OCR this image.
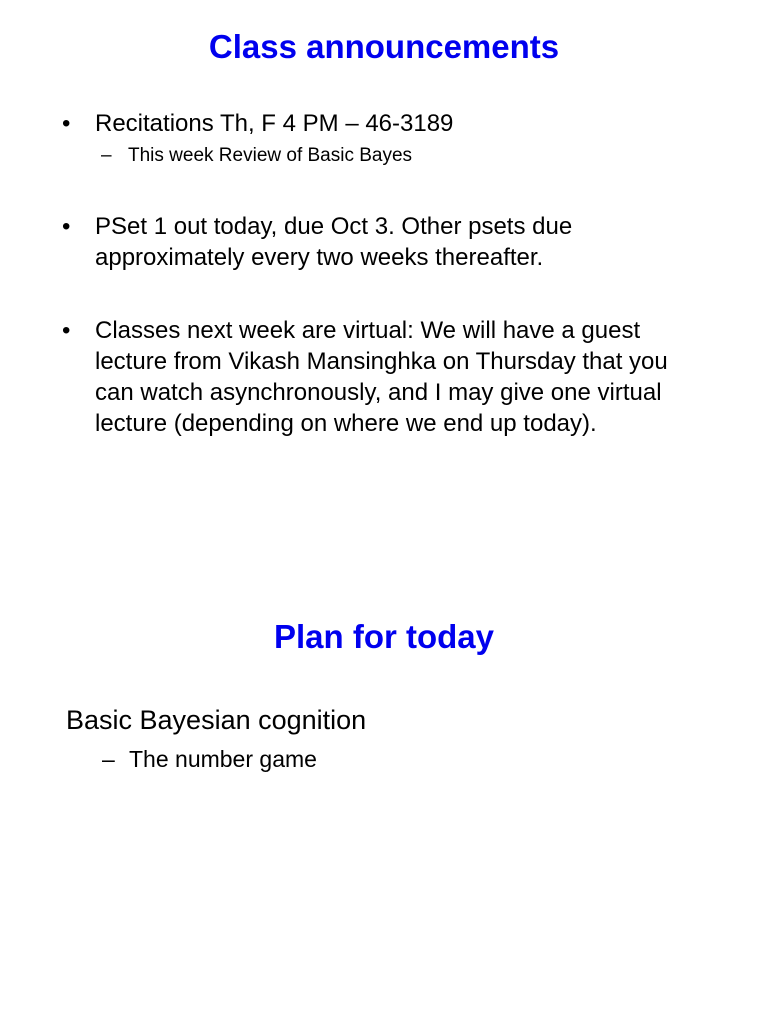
Class announcements
•	Recitations Th, F 4 PM – 46-3189
– This week Review of Basic Bayes
•	PSet 1 out today, due Oct 3. Other psets due approximately every two weeks thereafter.
•	Classes next week are virtual: We will have a guest lecture from Vikash Mansinghka on Thursday that you can watch asynchronously, and I may give one virtual lecture (depending on where we end up today).
Plan for today
Basic Bayesian cognition
– The number game
